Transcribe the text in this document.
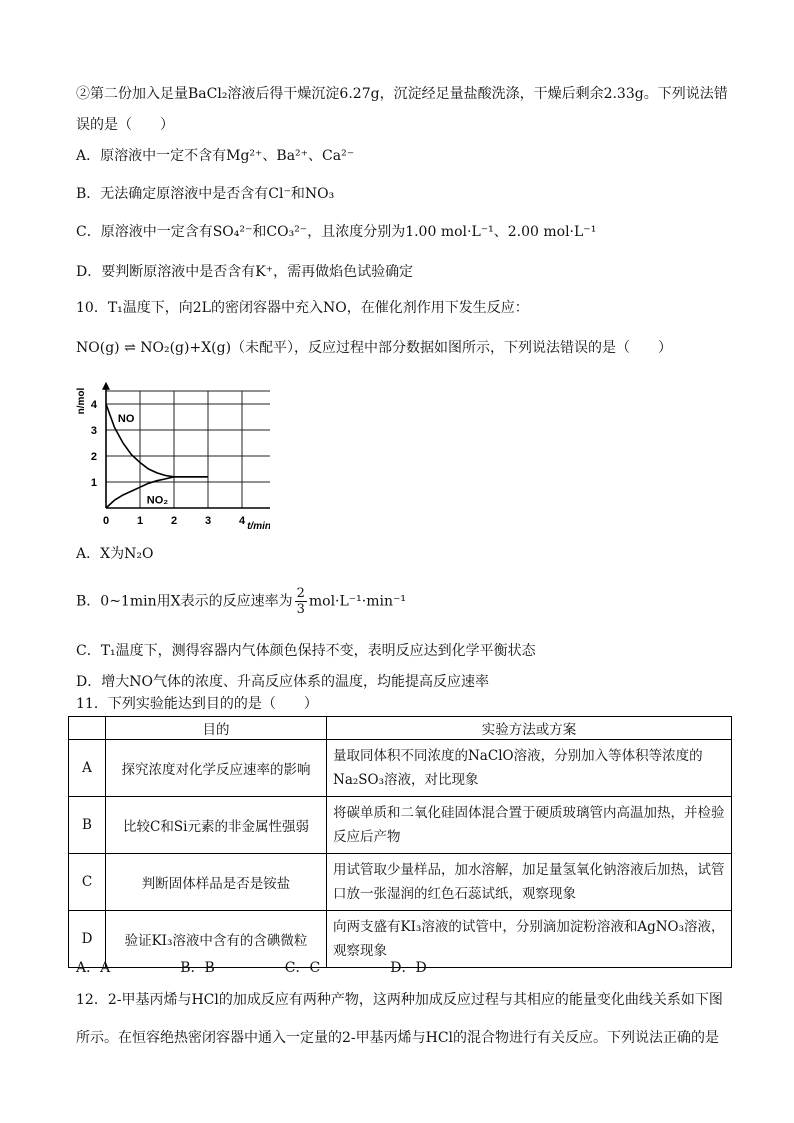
②第二份加入足量BaCl₂溶液后得干燥沉淀6.27g，沉淀经足量盐酸洗涤，干燥后剩余2.33g。下列说法错
误的是（　　）
A．原溶液中一定不含有Mg²⁺、Ba²⁺、Ca²⁻
B．无法确定原溶液中是否含有Cl⁻和NO₃
C．原溶液中一定含有SO₄²⁻和CO₃²⁻，且浓度分别为1.00 mol·L⁻¹、2.00 mol·L⁻¹
D．要判断原溶液中是否含有K⁺，需再做焰色试验确定
10．T₁温度下，向2L的密闭容器中充入NO，在催化剂作用下发生反应：
NO(g) ⇌ NO₂(g)+X(g)（未配平），反应过程中部分数据如图所示，下列说法错误的是（　　）
0	1	2	3	4
1
2
3
4
t/min
n/mol
NO
NO₂
A．X为N₂O
B．0~1min用X表示的反应速率为 $\frac{2}{3} mol\cdot L^{-1}\cdot\min^{-1}$
C．T₁温度下，测得容器内气体颜色保持不变，表明反应达到化学平衡状态
D．增大NO气体的浓度、升高反应体系的温度，均能提高反应速率
11．下列实验能达到目的的是（　　）
	目的	实验方法或方案
A	探究浓度对化学反应速率的影响	量取同体积不同浓度的NaClO溶液，分别加入等体积等浓度的Na₂SO₃溶液，对比现象
B	比较C和Si元素的非金属性强弱	将碳单质和二氧化硅固体混合置于硬质玻璃管内高温加热，并检验反应后产物
C	判断固体样品是否是铵盐	用试管取少量样品，加水溶解，加足量氢氧化钠溶液后加热，试管口放一张湿润的红色石蕊试纸，观察现象
D	验证KI₃溶液中含有的含碘微粒	向两支盛有KI₃溶液的试管中，分别滴加淀粉溶液和AgNO₃溶液，观察现象
A．A　　　　　B．B　　　　　C．C　　　　　D．D
12．2-甲基丙烯与HCl的加成反应有两种产物，这两种加成反应过程与其相应的能量变化曲线关系如下图
所示。在恒容绝热密闭容器中通入一定量的2-甲基丙烯与HCl的混合物进行有关反应。下列说法正确的是
